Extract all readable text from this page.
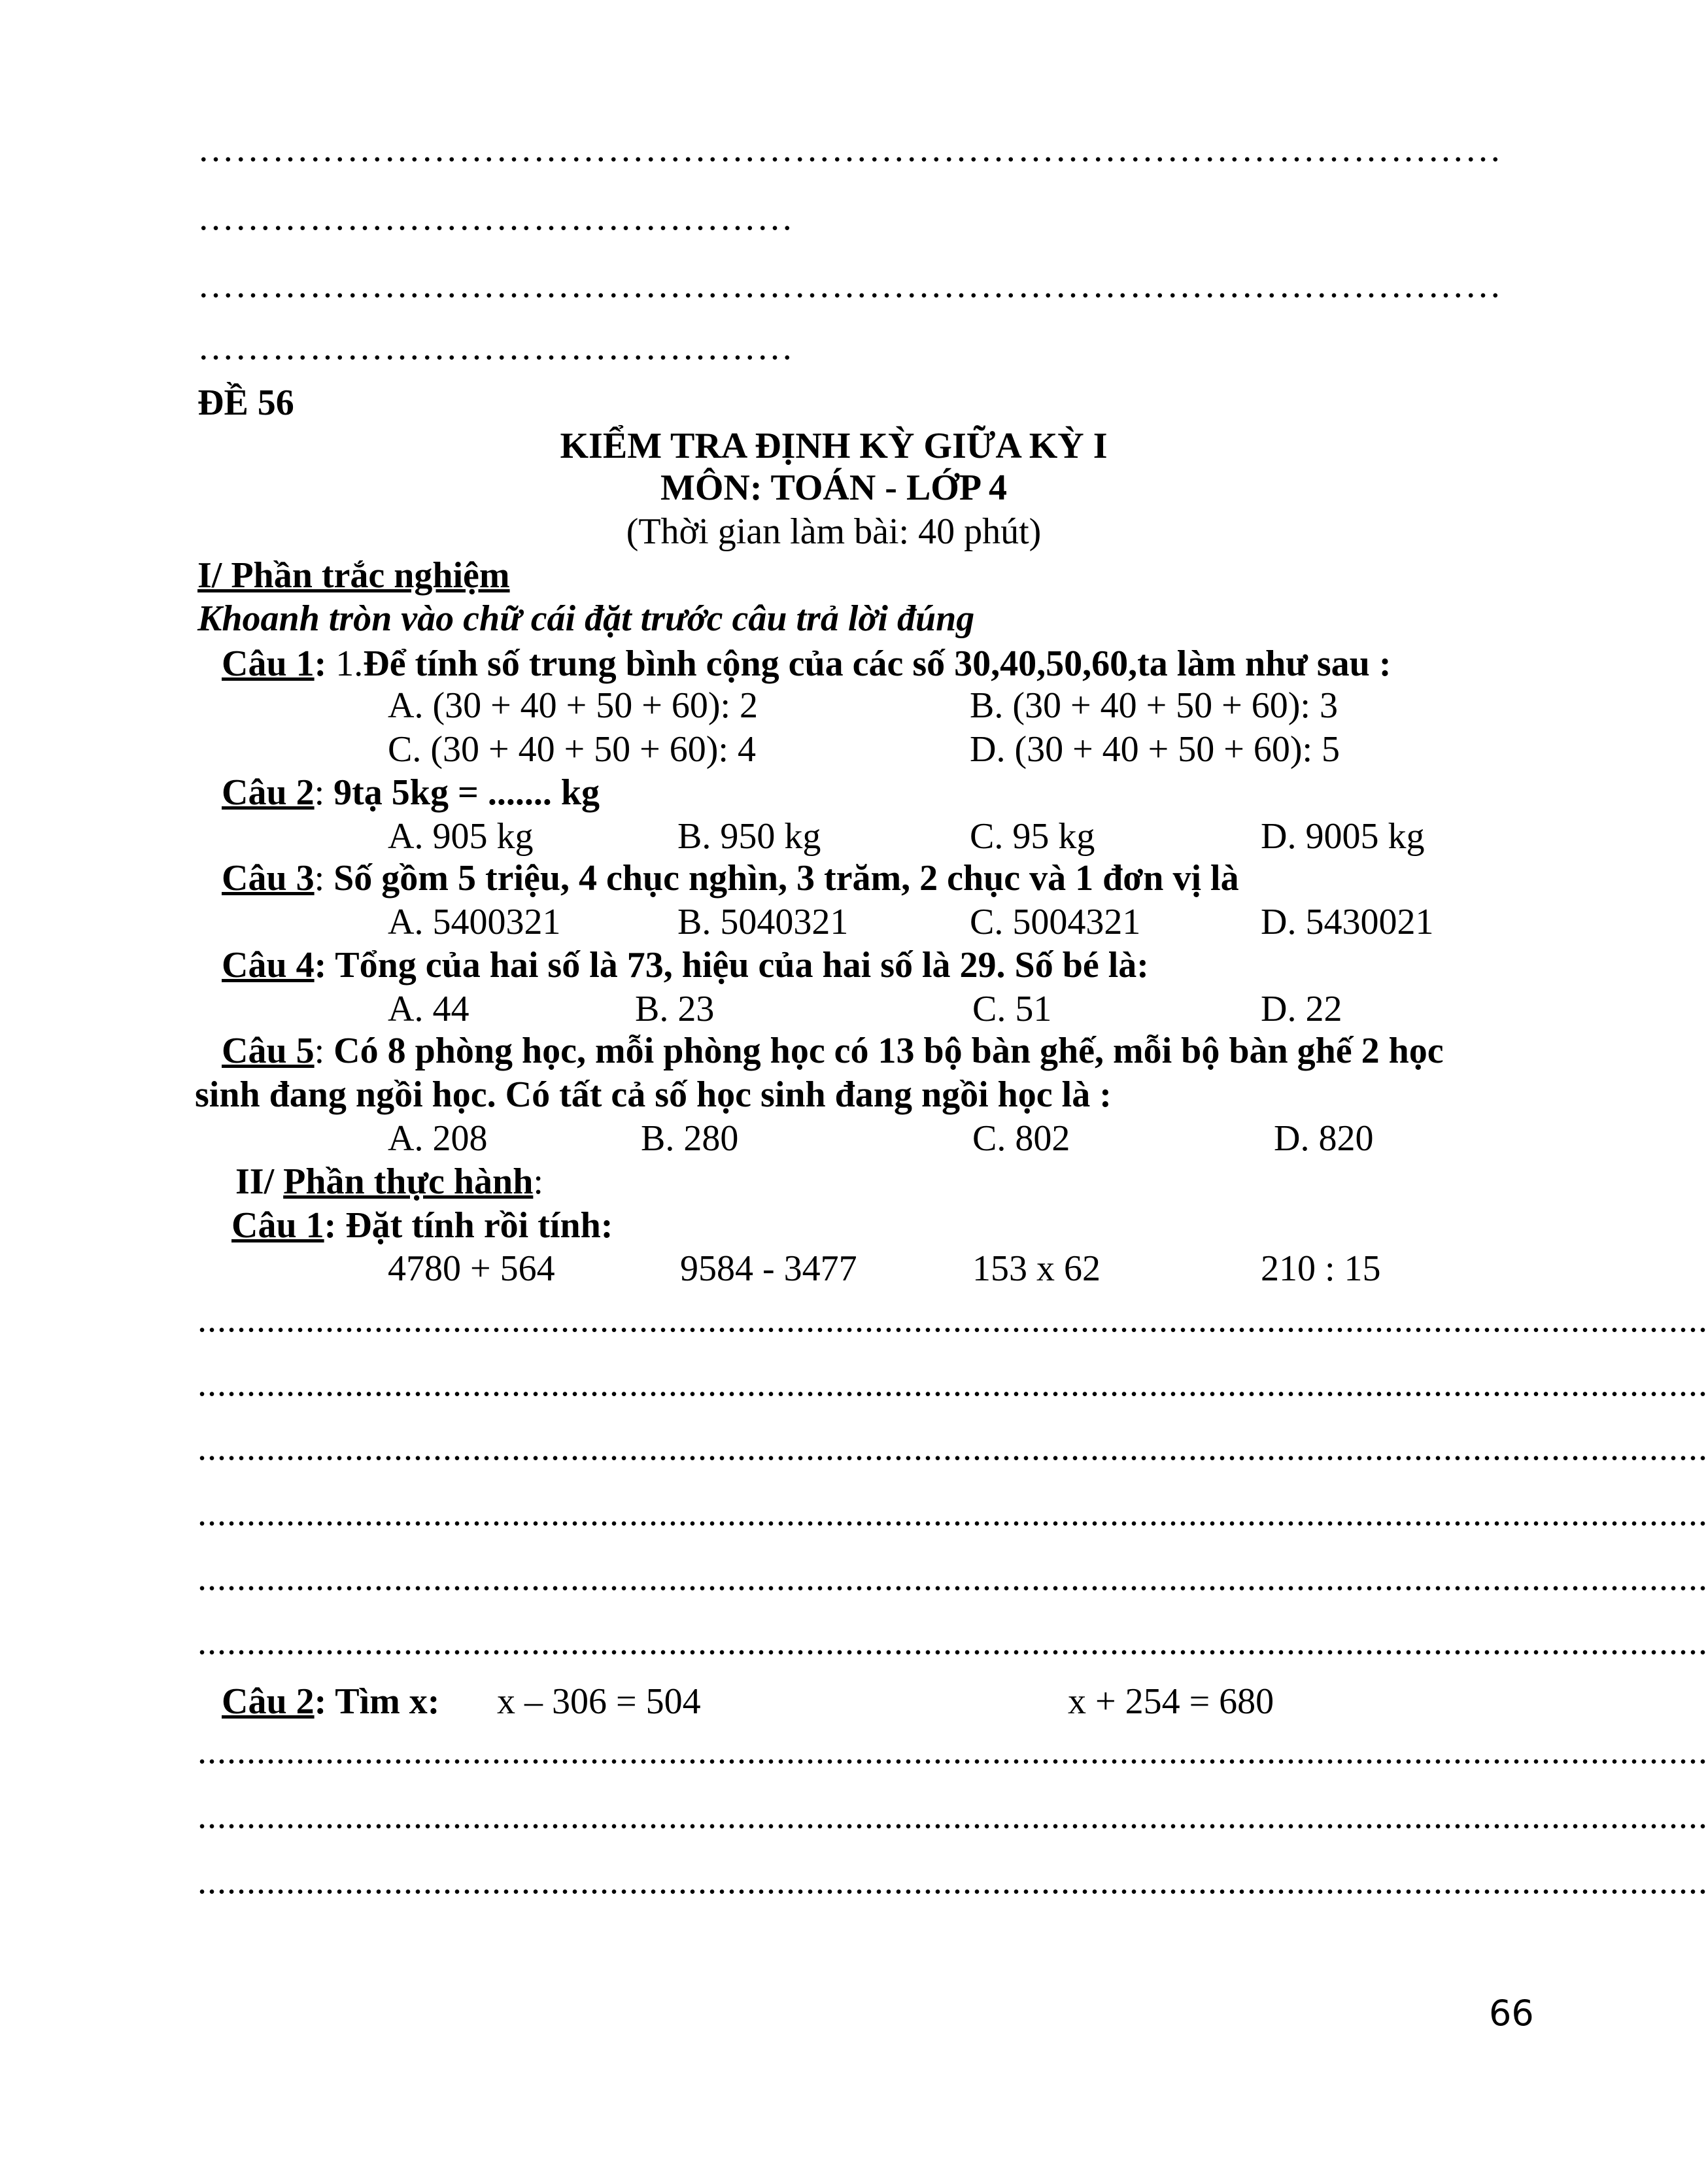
……………………………………………………………………………………………
…………………………………………
……………………………………………………………………………………………
…………………………………………
ĐỀ 56
KIỂM TRA ĐỊNH KỲ GIỮA KỲ I
MÔN: TOÁN - LỚP 4
(Thời gian làm bài: 40 phút)
I/ Phần trắc nghiệm
Khoanh tròn vào chữ cái đặt trước câu trả lời đúng
Câu 1: 1.Để tính số trung bình cộng của các số 30,40,50,60,ta làm như sau :
A. (30 + 40 + 50 + 60): 2	B. (30 + 40 + 50 + 60): 3
C. (30 + 40 + 50 + 60): 4	D. (30 + 40 + 50 + 60): 5
Câu 2: 9tạ 5kg = ....... kg
A. 905 kg	B. 950 kg	C. 95 kg	D. 9005 kg
Câu 3: Số gồm 5 triệu, 4 chục nghìn, 3 trăm, 2 chục và 1 đơn vị là
A. 5400321	B. 5040321	C. 5004321	D. 5430021
Câu 4: Tổng của hai số là 73, hiệu của hai số là 29. Số bé là:
A. 44	B. 23	C. 51	D. 22
Câu 5: Có 8 phòng học, mỗi phòng học có 13 bộ bàn ghế, mỗi bộ bàn ghế 2 học
sinh đang ngồi học. Có tất cả số học sinh đang ngồi học là :
A. 208	B. 280	C. 802	D. 820
II/ Phần thực hành:
Câu 1: Đặt tính rồi tính:
4780 + 564	9584 - 3477	153 x 62	210 : 15
..........................................................................................................................................................
..........................................................................................................................................................
..........................................................................................................................................................
..........................................................................................................................................................
..........................................................................................................................................................
..........................................................................................................................................................
Câu 2: Tìm x: x – 306 = 504	x + 254 = 680
..........................................................................................................................................................
..........................................................................................................................................................
..........................................................................................................................................................
66
